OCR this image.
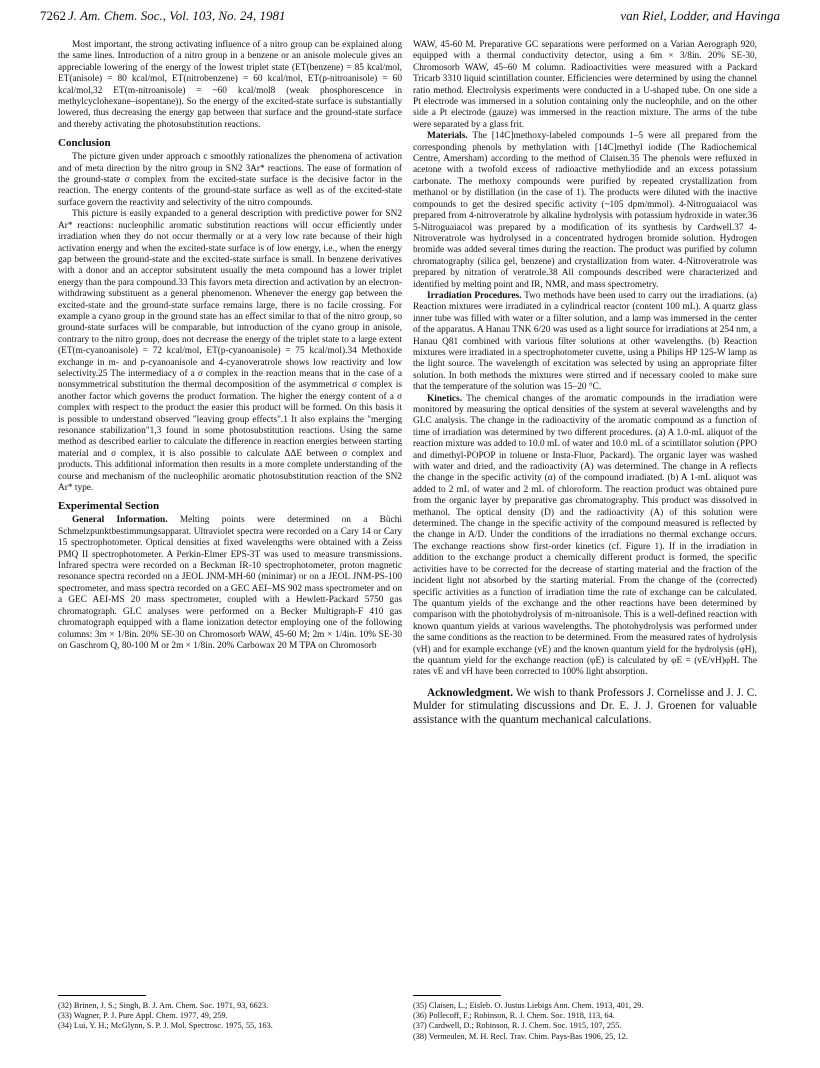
7262 J. Am. Chem. Soc., Vol. 103, No. 24, 1981	van Riel, Lodder, and Havinga

Most important, the strong activating influence of a nitro group can be explained along the same lines. Introduction of a nitro group in a benzene or an anisole molecule gives an appreciable lowering of the energy of the lowest triplet state (ET(benzene) = 85 kcal/mol, ET(anisole) = 80 kcal/mol, ET(nitrobenzene) = 60 kcal/mol, ET(p-nitroanisole) = 60 kcal/mol,32 ET(m-nitroanisole) = ~60 kcal/mol8 (weak phosphorescence in methylcyclohexane–isopentane)). So the energy of the excited-state surface is substantially lowered, thus decreasing the energy gap between that surface and the ground-state surface and thereby activating the photosubstitution reactions.

Conclusion

The picture given under approach c smoothly rationalizes the phenomena of activation and of meta direction by the nitro group in SN2 3Ar* reactions. The ease of formation of the ground-state σ complex from the excited-state surface is the decisive factor in the reaction. The energy contents of the ground-state surface as well as of the excited-state surface govern the reactivity and selectivity of the nitro compounds.

This picture is easily expanded to a general description with predictive power for SN2 Ar* reactions: nucleophilic aromatic substitution reactions will occur efficiently under irradiation when they do not occur thermally or at a very low rate because of their high activation energy and when the excited-state surface is of low energy, i.e., when the energy gap between the ground-state and the excited-state surface is small. In benzene derivatives with a donor and an acceptor subsitutent usually the meta compound has a lower triplet energy than the para compound.33 This favors meta direction and activation by an electron-withdrawing substituent as a general phenomenon. Whenever the energy gap between the excited-state and the ground-state surface remains large, there is no facile crossing. For example a cyano group in the ground state has an effect similar to that of the nitro group, so ground-state surfaces will be comparable, but introduction of the cyano group in anisole, contrary to the nitro group, does not decrease the energy of the triplet state to a large extent (ET(m-cyanoanisole) = 72 kcal/mol, ET(p-cyanoanisole) = 75 kcal/mol).34 Methoxide exchange in m- and p-cyanoanisole and 4-cyanoveratrole shows low reactivity and low selectivity.25 The intermediacy of a σ complex in the reaction means that in the case of a nonsymmetrical substitution the thermal decomposition of the asymmetrical σ complex is another factor which governs the product formation. The higher the energy content of a σ complex with respect to the product the easier this product will be formed. On this basis it is possible to understand observed "leaving group effects".1 It also explains the "merging resonance stabilization"1,3 found in some photosubstitution reactions. Using the same method as described earlier to calculate the difference in reaction energies between starting material and σ complex, it is also possible to calculate ΔΔE between σ complex and products. This additional information then results in a more complete understanding of the course and mechanism of the nucleophilic aromatic photosubstitution reaction of the SN2 Ar* type.

Experimental Section

General Information. Melting points were determined on a Büchi Schmelzpunktbestimmungsapparat. Ultraviolet spectra were recorded on a Cary 14 or Cary 15 spectrophotometer. Optical densities at fixed wavelengths were obtained with a Zeiss PMQ II spectrophotometer. A Perkin-Elmer EPS-3T was used to measure transmissions. Infrared spectra were recorded on a Beckman IR-10 spectrophotometer, proton magnetic resonance spectra recorded on a JEOL JNM-MH-60 (minimar) or on a JEOL JNM-PS-100 spectrometer, and mass spectra recorded on a GEC AEI–MS 902 mass spectrometer and on a GEC AEI-MS 20 mass spectrometer, coupled with a Hewlett-Packard 5750 gas chromatograph. GLC analyses were performed on a Becker Multigraph-F 410 gas chromatograph equipped with a flame ionization detector employing one of the following columns: 3m × 1/8in. 20% SE-30 on Chromosorb WAW, 45-60 M; 2m × 1/4in. 10% SE-30 on Gaschrom Q, 80-100 M or 2m × 1/8in. 20% Carbowax 20 M TPA on Chromosorb

WAW, 45-60 M. Preparative GC separations were performed on a Varian Aerograph 920, equipped with a thermal conductivity detector, using a 6m × 3/8in. 20% SE-30, Chromosorb WAW, 45–60 M column. Radioactivities were measured with a Packard Tricarb 3310 liquid scintillation counter. Efficiencies were determined by using the channel ratio method. Electrolysis experiments were conducted in a U-shaped tube. On one side a Pt electrode was immersed in a solution containing only the nucleophile, and on the other side a Pt electrode (gauze) was immersed in the reaction mixture. The arms of the tube were separated by a glass frit.

Materials. The [14C]methoxy-labeled compounds 1–5 were all prepared from the corresponding phenols by methylation with [14C]methyl iodide (The Radiochemical Centre, Amersham) according to the method of Claisen.35 The phenols were refluxed in acetone with a twofold excess of radioactive methyliodide and an excess potassium carbonate. The methoxy compounds were purified by repeated crystallization from methanol or by distillation (in the case of 1). The products were diluted with the inactive compounds to get the desired specific activity (~105 dpm/mmol). 4-Nitroguaiacol was prepared from 4-nitroveratrole by alkaline hydrolysis with potassium hydroxide in water.36 5-Nitroguaiacol was prepared by a modification of its synthesis by Cardwell.37 4-Nitroveratrole was hydrolysed in a concentrated hydrogen bromide solution. Hydrogen bromide was added several times during the reaction. The product was purified by column chromatography (silica gel, benzene) and crystallization from water. 4-Nitroveratrole was prepared by nitration of veratrole.38 All compounds described were characterized and identified by melting point and IR, NMR, and mass spectrometry.

Irradiation Procedures. Two methods have been used to carry out the irradiations. (a) Reaction mixtures were irradiated in a cylindrical reactor (content 100 mL). A quartz glass inner tube was filled with water or a filter solution, and a lamp was immersed in the center of the apparatus. A Hanau TNK 6/20 was used as a light source for irradiations at 254 nm, a Hanau Q81 combined with various filter solutions at other wavelengths. (b) Reaction mixtures were irradiated in a spectrophotometer cuvette, using a Philips HP 125-W lamp as the light source. The wavelength of excitation was selected by using an appropriate filter solution. In both methods the mixtures were stirred and if necessary cooled to make sure that the temperature of the solution was 15–20 °C.

Kinetics. The chemical changes of the aromatic compounds in the irradiation were monitored by measuring the optical densities of the system at several wavelengths and by GLC analysis. The change in the radioactivity of the aromatic compound as a function of time of irradiation was determined by two different procedures. (a) A 1.0-mL aliquot of the reaction mixture was added to 10.0 mL of water and 10.0 mL of a scintillator solution (PPO and dimethyl-POPOP in toluene or Insta-Fluor, Packard). The organic layer was washed with water and dried, and the radioactivity (A) was determined. The change in A reflects the change in the specific activity (α) of the compound irradiated. (b) A 1-mL aliquot was added to 2 mL of water and 2 mL of chloroform. The reaction product was obtained pure from the organic layer by preparative gas chromatography. This product was dissolved in methanol. The optical density (D) and the radioactivity (A) of this solution were determined. The change in the specific activity of the compound measured is reflected by the change in A/D. Under the conditions of the irradiations no thermal exchange occurs. The exchange reactions show first-order kinetics (cf. Figure 1). If in the irradiation in addition to the exchange product a chemically different product is formed, the specific activities have to be corrected for the decrease of starting material and the fraction of the incident light not absorbed by the starting material. From the change of the (corrected) specific activities as a function of irradiation time the rate of exchange can be calculated. The quantum yields of the exchange and the other reactions have been determined by comparison with the photohydrolysis of m-nitroanisole. This is a well-defined reaction with known quantum yields at various wavelengths. The photohydrolysis was performed under the same conditions as the reaction to be determined. From the measured rates of hydrolysis (vH) and for example exchange (vE) and the known quantum yield for the hydrolysis (φH), the quantum yield for the exchange reaction (φE) is calculated by φE = (vE/vH)φH. The rates vE and vH have been corrected to 100% light absorption.

Acknowledgment. We wish to thank Professors J. Cornelisse and J. J. C. Mulder for stimulating discussions and Dr. E. J. J. Groenen for valuable assistance with the quantum mechanical calculations.

(32) Brinen, J. S.; Singh, B. J. Am. Chem. Soc. 1971, 93, 6623.
(33) Wagner, P. J. Pure Appl. Chem. 1977, 49, 259.
(34) Lui, Y. H.; McGlynn, S. P. J. Mol. Spectrosc. 1975, 55, 163.
(35) Claisen, L.; Eisleb. O. Justus Liebigs Ann. Chem. 1913, 401, 29.
(36) Pollecoff, F.; Robinson, R. J. Chem. Soc. 1918, 113, 64.
(37) Cardwell, D.; Robinson, R. J. Chem. Soc. 1915, 107, 255.
(38) Vermeulen, M. H. Recl. Trav. Chim. Pays-Bas 1906, 25, 12.
